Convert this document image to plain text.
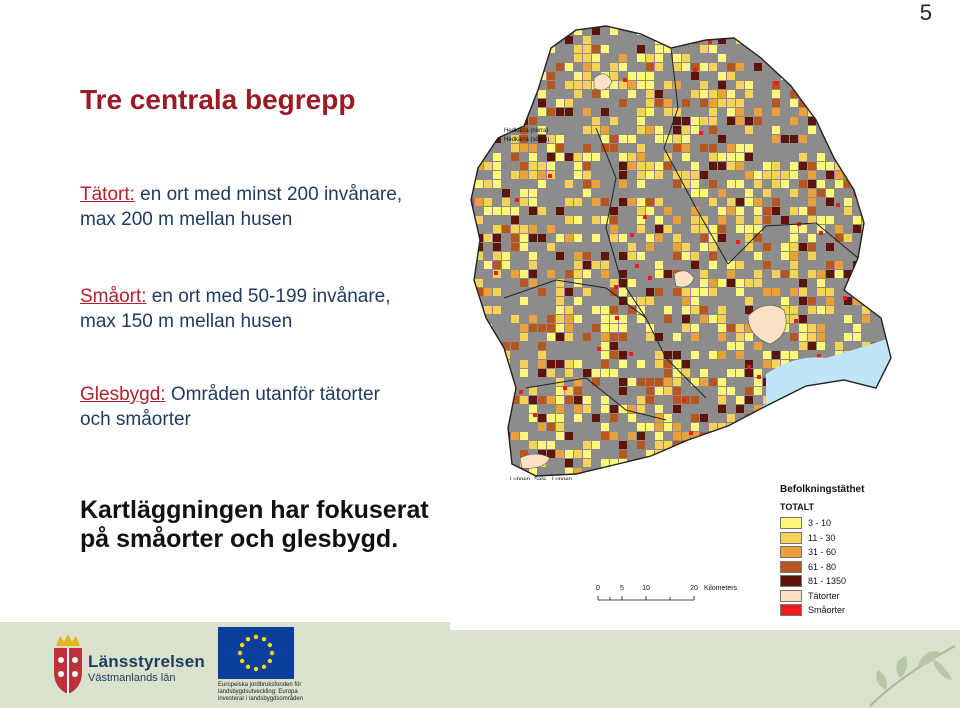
5
Tre centrala begrepp
Tätort: en ort med minst 200 invånare, max 200 m mellan husen
Småort: en ort med 50-199 invånare, max 150 m mellan husen
Glesbygd: Områden utanför tätorter och småorter
Kartläggningen har fokuserat på småorter och glesbygd.
Hedkärra (norra)
Hedkärra (södra)
Lungen Sala Lungen
Befolkningstäthet
TOTALT
3 - 10
11 - 30
31 - 60
61 - 80
81 - 1350
Tätorter
Småorter
0	5	10	20 Kilometers
Länsstyrelsen
Västmanlands län
Europeiska jordbruksfonden för landsbygdsutveckling: Europa investerar i landsbygdsområden
